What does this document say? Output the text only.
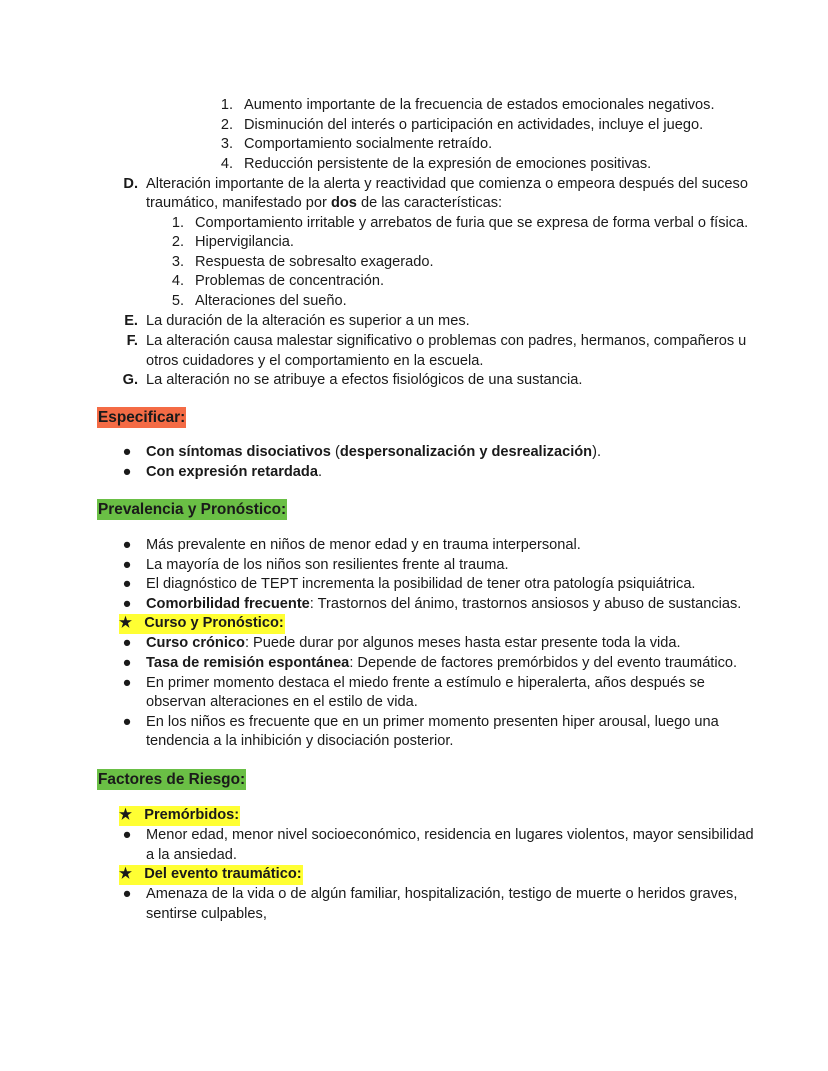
1. Aumento importante de la frecuencia de estados emocionales negativos.
2. Disminución del interés o participación en actividades, incluye el juego.
3. Comportamiento socialmente retraído.
4. Reducción persistente de la expresión de emociones positivas.
D. Alteración importante de la alerta y reactividad que comienza o empeora después del suceso
traumático, manifestado por dos de las características:
1. Comportamiento irritable y arrebatos de furia que se expresa de forma verbal o física.
2. Hipervigilancia.
3. Respuesta de sobresalto exagerado.
4. Problemas de concentración.
5. Alteraciones del sueño.
E. La duración de la alteración es superior a un mes.
F. La alteración causa malestar significativo o problemas con padres, hermanos, compañeros u
otros cuidadores y el comportamiento en la escuela.
G. La alteración no se atribuye a efectos fisiológicos de una sustancia.
Especificar:
● Con síntomas disociativos (despersonalización y desrealización).
● Con expresión retardada.
Prevalencia y Pronóstico:
● Más prevalente en niños de menor edad y en trauma interpersonal.
● La mayoría de los niños son resilientes frente al trauma.
● El diagnóstico de TEPT incrementa la posibilidad de tener otra patología psiquiátrica.
● Comorbilidad frecuente: Trastornos del ánimo, trastornos ansiosos y abuso de sustancias.
★ Curso y Pronóstico:
● Curso crónico: Puede durar por algunos meses hasta estar presente toda la vida.
● Tasa de remisión espontánea: Depende de factores premórbidos y del evento traumático.
● En primer momento destaca el miedo frente a estímulo e hiperalerta, años después se
observan alteraciones en el estilo de vida.
● En los niños es frecuente que en un primer momento presenten hiper arousal, luego una
tendencia a la inhibición y disociación posterior.
Factores de Riesgo:
★ Premórbidos:
● Menor edad, menor nivel socioeconómico, residencia en lugares violentos, mayor sensibilidad
a la ansiedad.
★ Del evento traumático:
● Amenaza de la vida o de algún familiar, hospitalización, testigo de muerte o heridos graves,
sentirse culpables,
